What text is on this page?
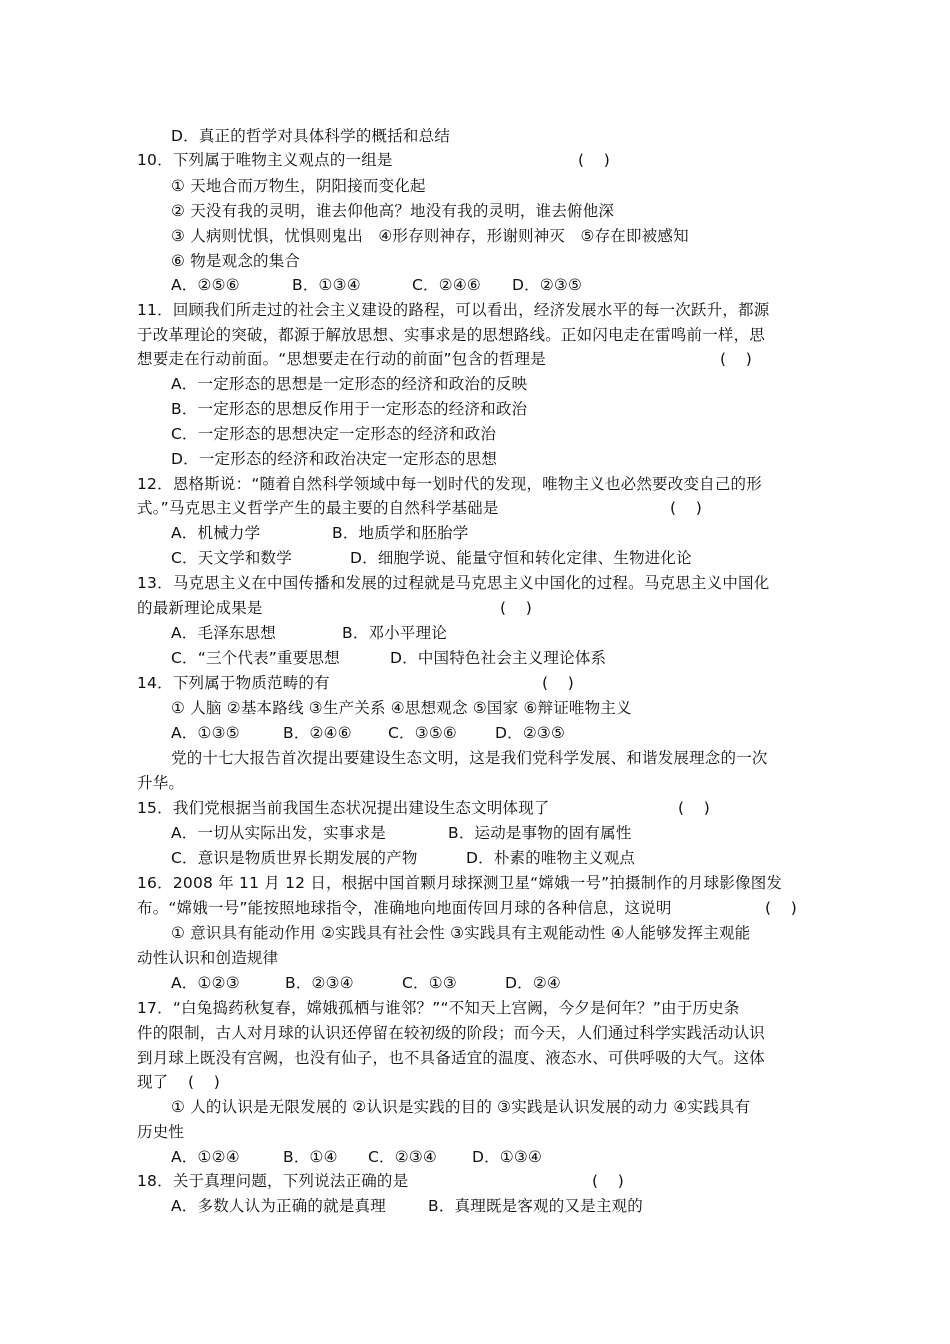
D．真正的哲学对具体科学的概括和总结
10．下列属于唯物主义观点的一组是	(    )
① 天地合而万物生，阴阳接而变化起
② 天没有我的灵明，谁去仰他高？地没有我的灵明，谁去俯他深
③ 人病则忧惧，忧惧则鬼出 ④形存则神存，形谢则神灭 ⑤存在即被感知
⑥ 物是观念的集合
A．②⑤⑥	B．①③④	C．②④⑥ D．②③⑤
11．回顾我们所走过的社会主义建设的路程，可以看出，经济发展水平的每一次跃升，都源
于改革理论的突破，都源于解放思想、实事求是的思想路线。正如闪电走在雷鸣前一样，思
想要走在行动前面。“思想要走在行动的前面”包含的哲理是	(    )
A．一定形态的思想是一定形态的经济和政治的反映
B．一定形态的思想反作用于一定形态的经济和政治
C．一定形态的思想决定一定形态的经济和政治
D．一定形态的经济和政治决定一定形态的思想
12．恩格斯说：“随着自然科学领域中每一划时代的发现，唯物主义也必然要改变自己的形
式。”马克思主义哲学产生的最主要的自然科学基础是	(    )
A．机械力学	B．地质学和胚胎学
C．天文学和数学	D．细胞学说、能量守恒和转化定律、生物进化论
13．马克思主义在中国传播和发展的过程就是马克思主义中国化的过程。马克思主义中国化
的最新理论成果是	(    )
A．毛泽东思想	B．邓小平理论
C．“三个代表”重要思想	D．中国特色社会主义理论体系
14．下列属于物质范畴的有	(    )
① 人脑 ②基本路线 ③生产关系 ④思想观念 ⑤国家 ⑥辩证唯物主义
A．①③⑤	B．②④⑥ C．③⑤⑥ D．②③⑤
党的十七大报告首次提出要建设生态文明，这是我们党科学发展、和谐发展理念的一次
升华。
15．我们党根据当前我国生态状况提出建设生态文明体现了	(    )
A．一切从实际出发，实事求是	B．运动是事物的固有属性
C．意识是物质世界长期发展的产物	D．朴素的唯物主义观点
16．2008 年 11 月 12 日，根据中国首颗月球探测卫星“嫦娥一号”拍摄制作的月球影像图发
布。“嫦娥一号”能按照地球指令，准确地向地面传回月球的各种信息，这说明	(    )
① 意识具有能动作用 ②实践具有社会性 ③实践具有主观能动性 ④人能够发挥主观能
动性认识和创造规律
A．①②③	B．②③④	C．①③	D．②④
17．“白兔捣药秋复春，嫦娥孤栖与谁邻？”“不知天上宫阙，今夕是何年？”由于历史条
件的限制，古人对月球的认识还停留在较初级的阶段；而今天，人们通过科学实践活动认识
到月球上既没有宫阙，也没有仙子，也不具备适宜的温度、液态水、可供呼吸的大气。这体
现了 (    )
① 人的认识是无限发展的 ②认识是实践的目的 ③实践是认识发展的动力 ④实践具有
历史性
A．①②④	B．①④ C．②③④ D．①③④
18．关于真理问题，下列说法正确的是	(    )
A．多数人认为正确的就是真理	B．真理既是客观的又是主观的
